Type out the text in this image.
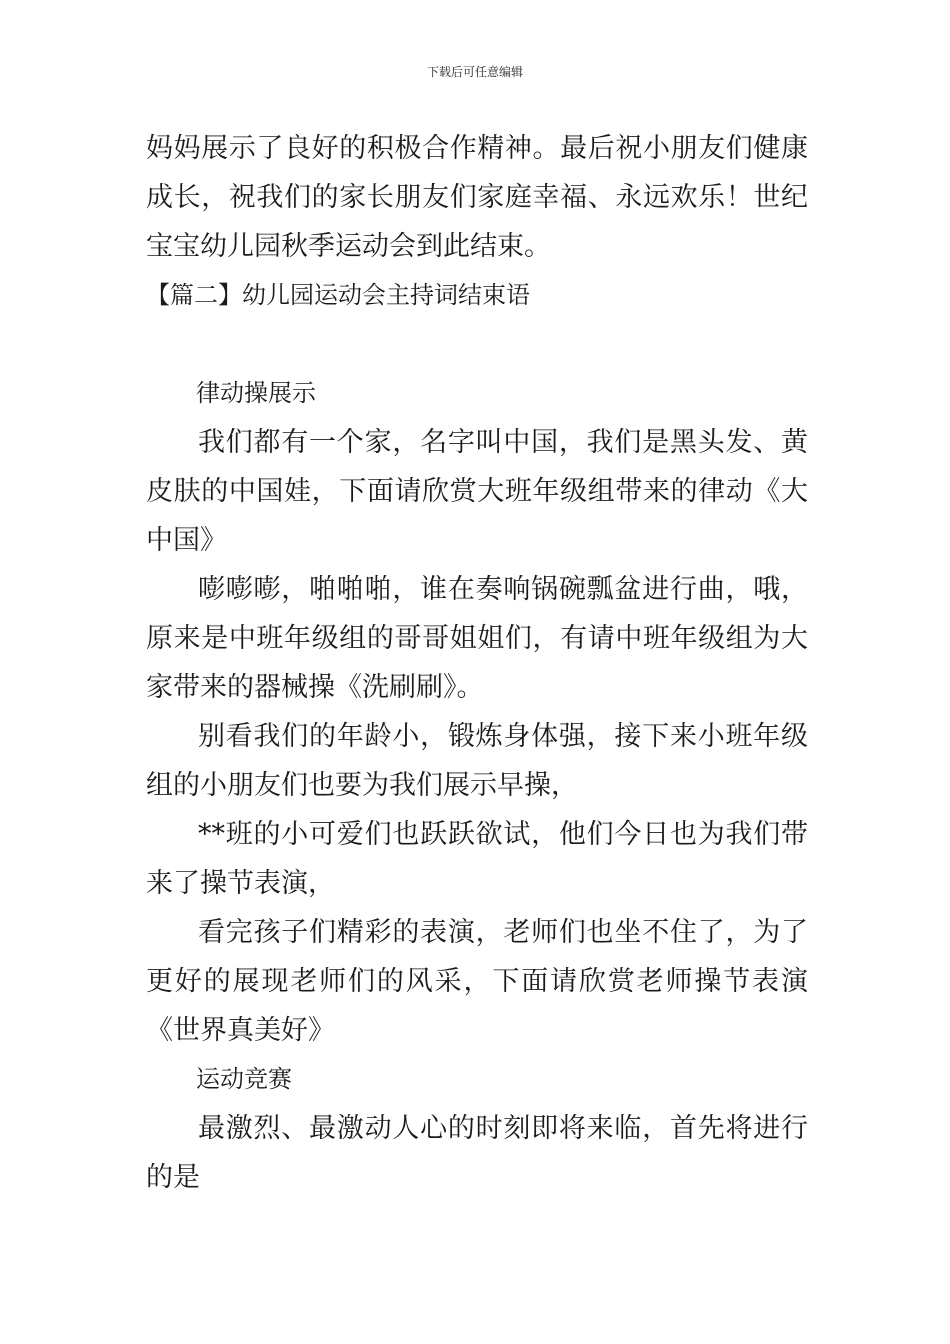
下载后可任意编辑

妈妈展示了良好的积极合作精神。最后祝小朋友们健康成长，祝我们的家长朋友们家庭幸福、永远欢乐！世纪宝宝幼儿园秋季运动会到此结束。

【篇二】幼儿园运动会主持词结束语

律动操展示

我们都有一个家，名字叫中国，我们是黑头发、黄皮肤的中国娃，下面请欣赏大班年级组带来的律动《大中国》

嘭嘭嘭，啪啪啪，谁在奏响锅碗瓢盆进行曲，哦，原来是中班年级组的哥哥姐姐们，有请中班年级组为大家带来的器械操《洗刷刷》。

别看我们的年龄小，锻炼身体强，接下来小班年级组的小朋友们也要为我们展示早操，

**班的小可爱们也跃跃欲试，他们今日也为我们带来了操节表演，

看完孩子们精彩的表演，老师们也坐不住了，为了更好的展现老师们的风采，下面请欣赏老师操节表演《世界真美好》

运动竞赛

最激烈、最激动人心的时刻即将来临，首先将进行的是
